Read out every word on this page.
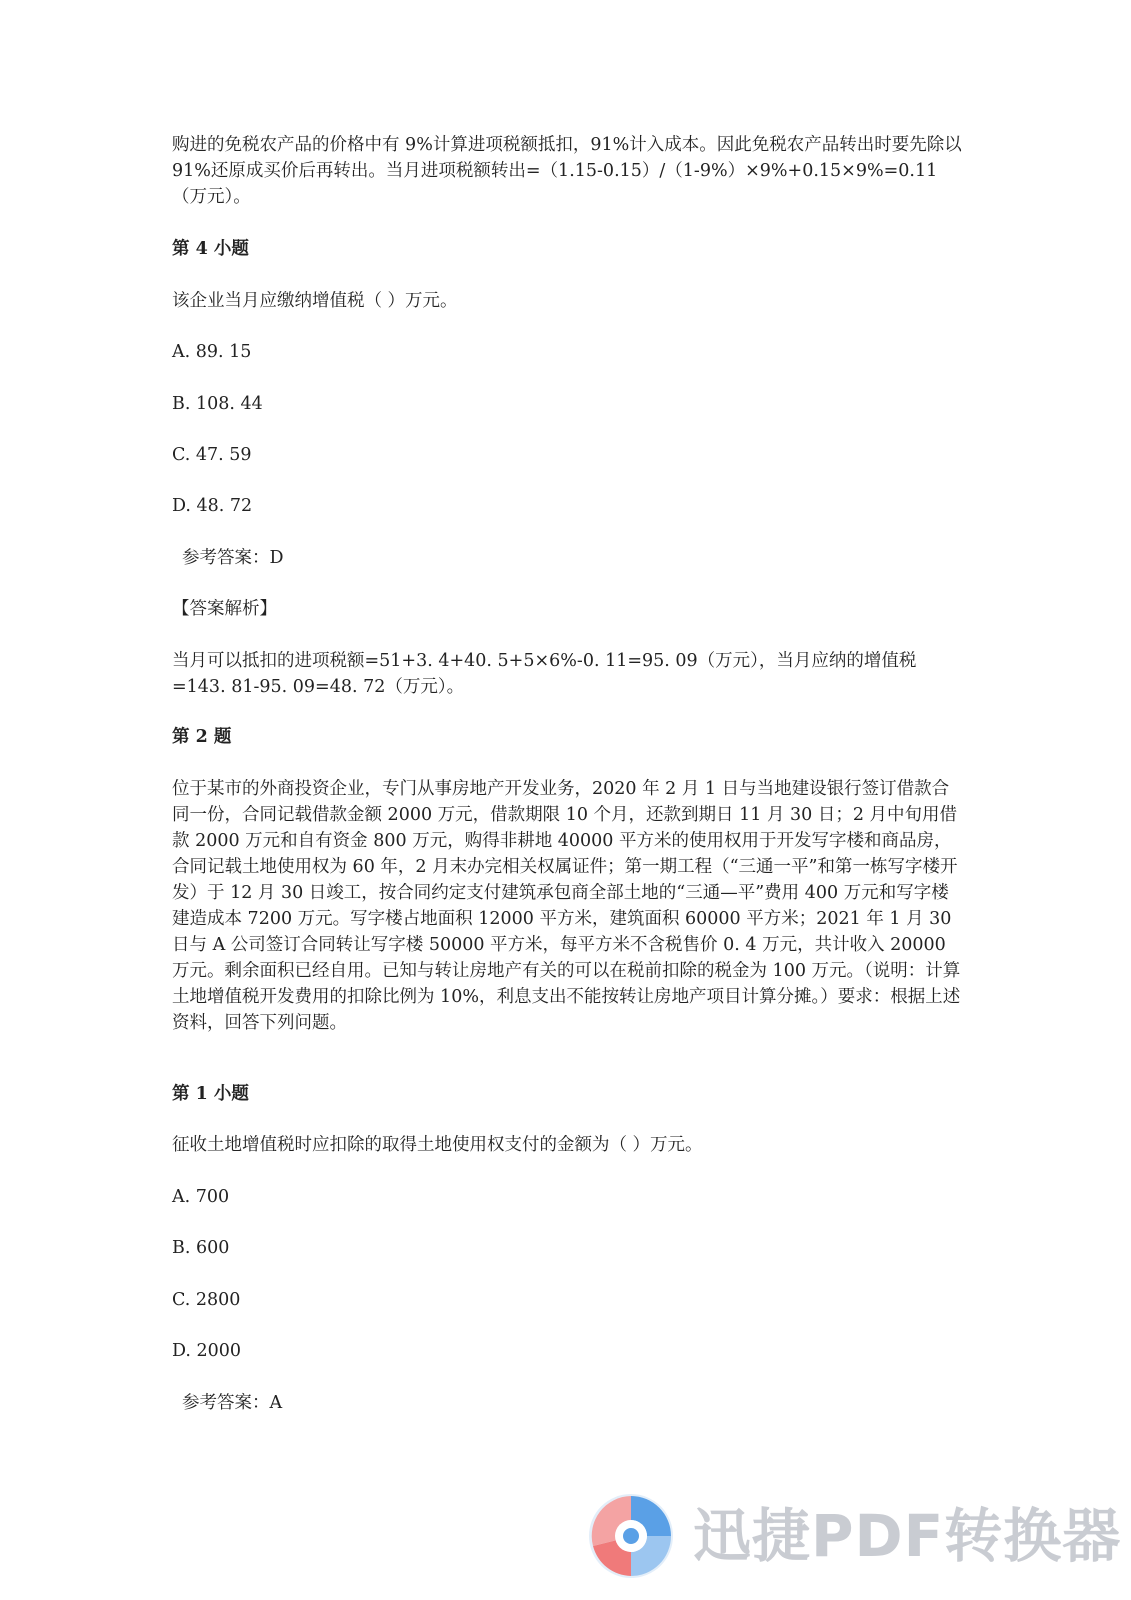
购进的免税农产品的价格中有 9%计算进项税额抵扣，91%计入成本。因此免税农产品转出时要先除以 91%还原成买价后再转出。当月进项税额转出=（1.15-0.15）/（1-9%）×9%+0.15×9%=0.11（万元）。

第 4 小题

该企业当月应缴纳增值税（ ）万元。

A. 89. 15

B. 108. 44

C. 47. 59

D. 48. 72

参考答案：D

【答案解析】

当月可以抵扣的进项税额=51+3. 4+40. 5+5×6%-0. 11=95. 09（万元），当月应纳的增值税=143. 81-95. 09=48. 72（万元）。

第 2 题

位于某市的外商投资企业，专门从事房地产开发业务，2020 年 2 月 1 日与当地建设银行签订借款合同一份，合同记载借款金额 2000 万元，借款期限 10 个月，还款到期日 11 月 30 日；2 月中旬用借款 2000 万元和自有资金 800 万元，购得非耕地 40000 平方米的使用权用于开发写字楼和商品房，合同记载土地使用权为 60 年，2 月末办完相关权属证件；第一期工程（“三通一平”和第一栋写字楼开发）于 12 月 30 日竣工，按合同约定支付建筑承包商全部土地的“三通—平”费用 400 万元和写字楼建造成本 7200 万元。写字楼占地面积 12000 平方米，建筑面积 60000 平方米；2021 年 1 月 30 日与 A 公司签订合同转让写字楼 50000 平方米，每平方米不含税售价 0. 4 万元，共计收入 20000 万元。剩余面积已经自用。已知与转让房地产有关的可以在税前扣除的税金为 100 万元。（说明：计算土地增值税开发费用的扣除比例为 10%，利息支出不能按转让房地产项目计算分摊。）要求：根据上述资料，回答下列问题。

第 1 小题

征收土地增值税时应扣除的取得土地使用权支付的金额为（ ）万元。

A. 700

B. 600

C. 2800

D. 2000

参考答案：A

迅捷PDF转换器
